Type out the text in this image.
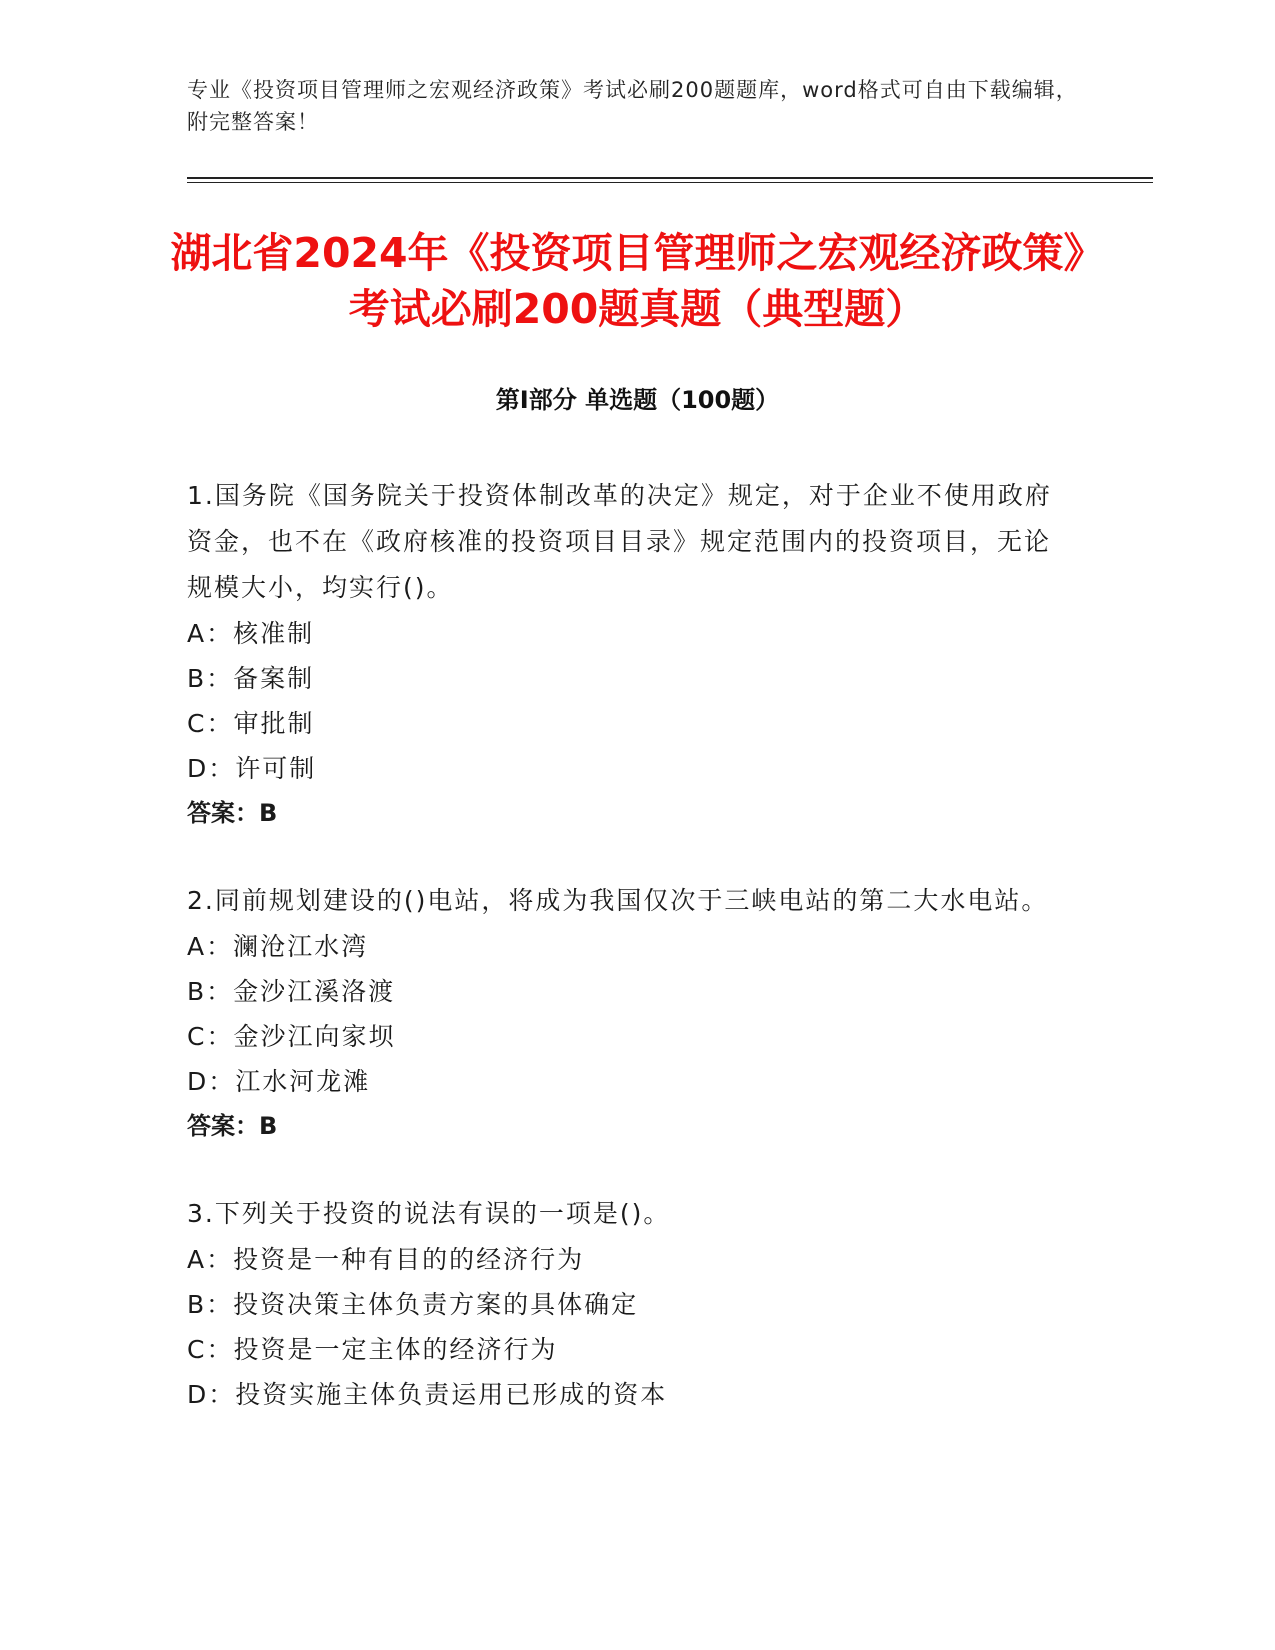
专业《投资项目管理师之宏观经济政策》考试必刷200题题库，word格式可自由下载编辑，附完整答案！
湖北省2024年《投资项目管理师之宏观经济政策》考试必刷200题真题（典型题）
第Ⅰ部分 单选题（100题）

1.国务院《国务院关于投资体制改革的决定》规定，对于企业不使用政府资金，也不在《政府核准的投资项目目录》规定范围内的投资项目，无论规模大小，均实行()。

A：核准制

B：备案制

C：审批制

D：许可制

答案：B

2.同前规划建设的()电站，将成为我国仅次于三峡电站的第二大水电站。

A：澜沧江水湾

B：金沙江溪洛渡

C：金沙江向家坝

D：江水河龙滩

答案：B

3.下列关于投资的说法有误的一项是()。

A：投资是一种有目的的经济行为

B：投资决策主体负责方案的具体确定

C：投资是一定主体的经济行为

D：投资实施主体负责运用已形成的资本
